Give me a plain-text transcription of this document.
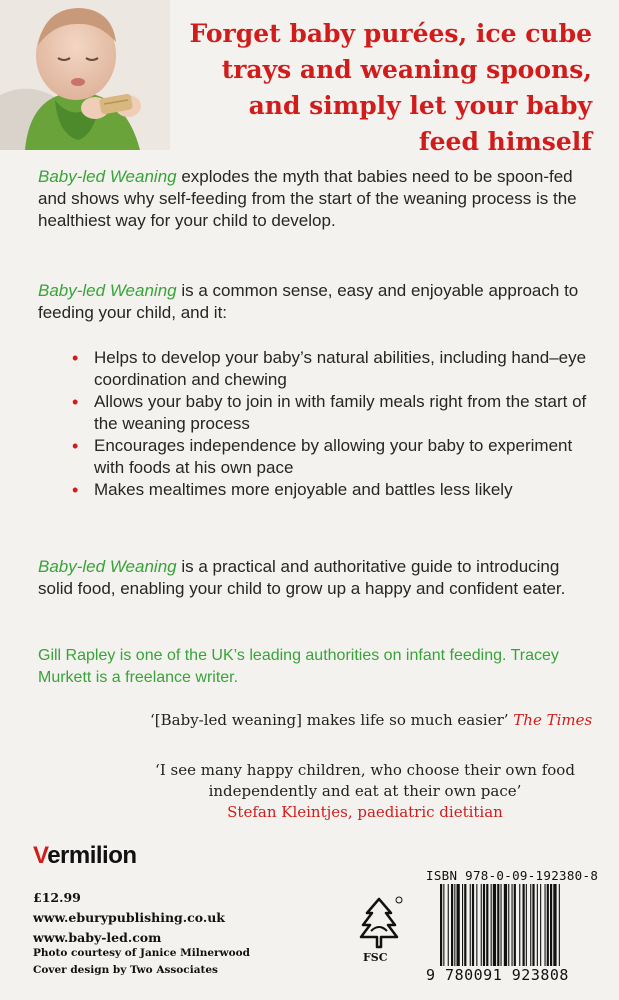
Forget baby purées, ice cube
trays and weaning spoons,
and simply let your baby
feed himself

Baby-led Weaning explodes the myth that babies need to be spoon-fed and shows why self-feeding from the start of the weaning process is the healthiest way for your child to develop.

Baby-led Weaning is a common sense, easy and enjoyable approach to feeding your child, and it:

• Helps to develop your baby’s natural abilities, including hand–eye coordination and chewing
• Allows your baby to join in with family meals right from the start of the weaning process
• Encourages independence by allowing your baby to experiment with foods at his own pace
• Makes mealtimes more enjoyable and battles less likely

Baby-led Weaning is a practical and authoritative guide to introducing solid food, enabling your child to grow up a happy and confident eater.

Gill Rapley is one of the UK’s leading authorities on infant feeding. Tracey Murkett is a freelance writer.

‘[Baby-led weaning] makes life so much easier’ The Times

‘I see many happy children, who choose their own food independently and eat at their own pace’
Stefan Kleintjes, paediatric dietitian

Vermilion

£12.99
www.eburypublishing.co.uk
www.baby-led.com

Photo courtesy of Janice Milnerwood
Cover design by Two Associates

FSC
ISBN 978-0-09-192380-8
9 780091 923808
